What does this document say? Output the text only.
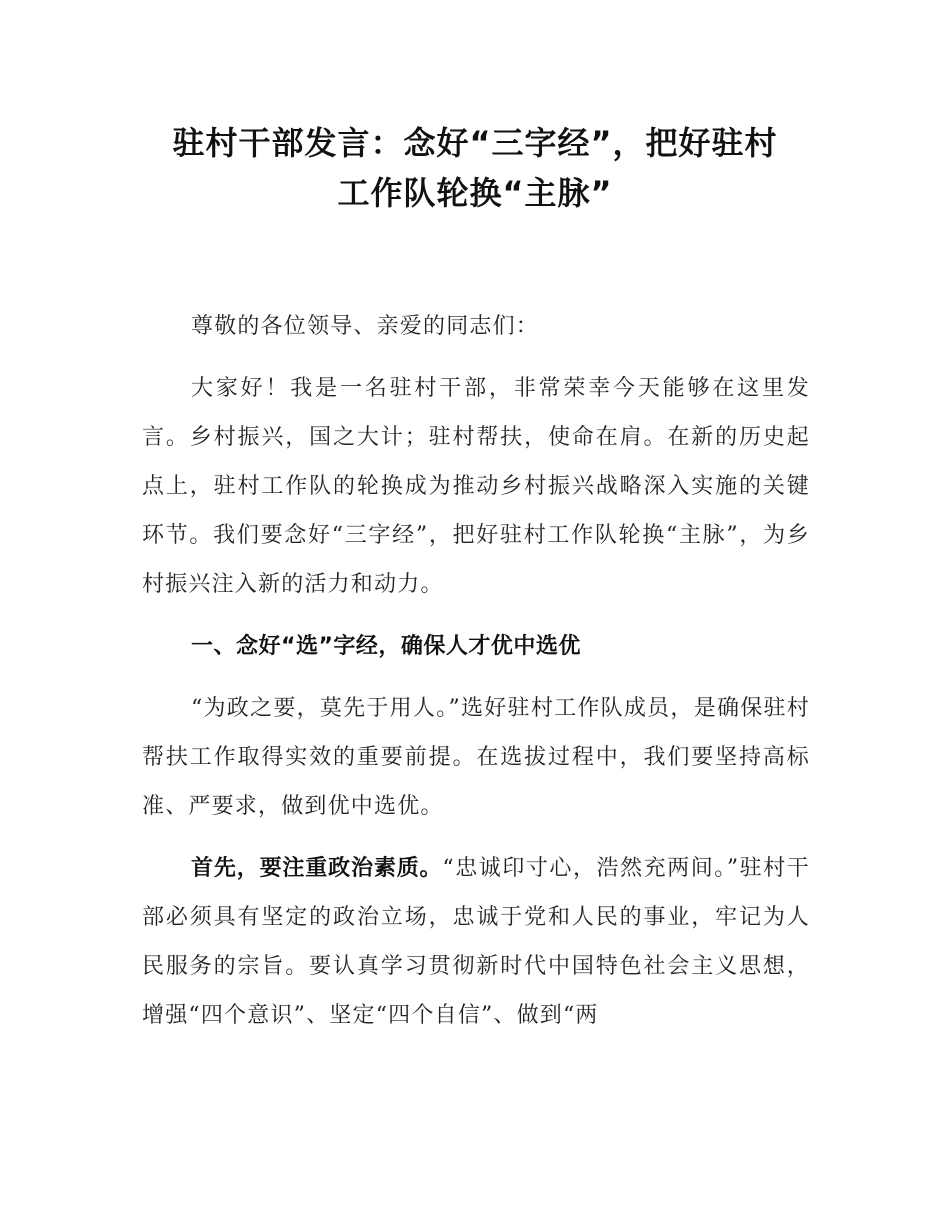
驻村干部发言：念好“三字经”，把好驻村
工作队轮换“主脉”

尊敬的各位领导、亲爱的同志们：

大家好！我是一名驻村干部，非常荣幸今天能够在这里发言。乡村振兴，国之大计；驻村帮扶，使命在肩。在新的历史起点上，驻村工作队的轮换成为推动乡村振兴战略深入实施的关键环节。我们要念好“三字经”，把好驻村工作队轮换“主脉”，为乡村振兴注入新的活力和动力。

一、念好“选”字经，确保人才优中选优

“为政之要，莫先于用人。”选好驻村工作队成员，是确保驻村帮扶工作取得实效的重要前提。在选拔过程中，我们要坚持高标准、严要求，做到优中选优。

首先，要注重政治素质。“忠诚印寸心，浩然充两间。”驻村干部必须具有坚定的政治立场，忠诚于党和人民的事业，牢记为人民服务的宗旨。要认真学习贯彻新时代中国特色社会主义思想，增强“四个意识”、坚定“四个自信”、做到“两
